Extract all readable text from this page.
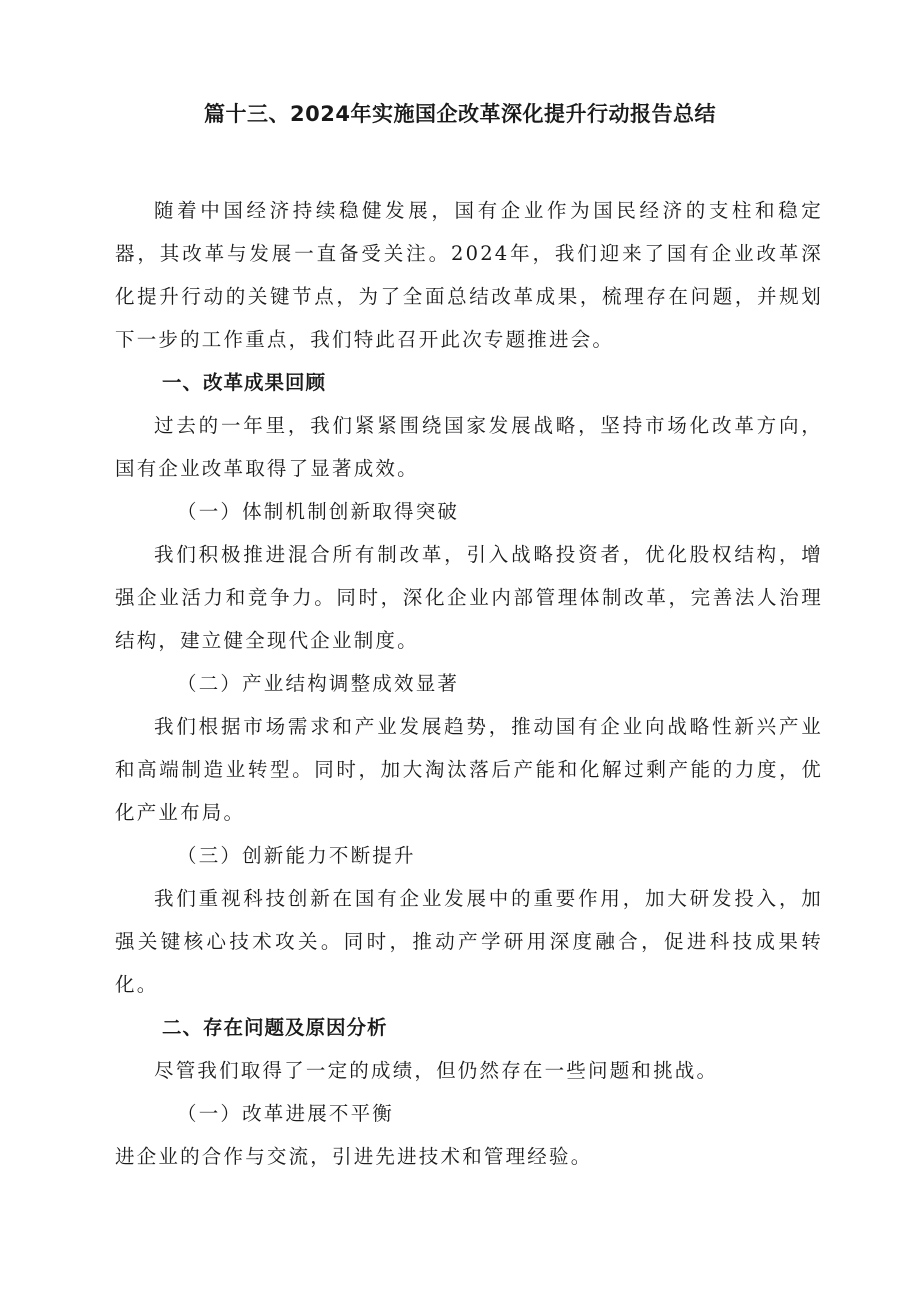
篇十三、2024年实施国企改革深化提升行动报告总结

随着中国经济持续稳健发展，国有企业作为国民经济的支柱和稳定器，其改革与发展一直备受关注。2024年，我们迎来了国有企业改革深化提升行动的关键节点，为了全面总结改革成果，梳理存在问题，并规划下一步的工作重点，我们特此召开此次专题推进会。

一、改革成果回顾

过去的一年里，我们紧紧围绕国家发展战略，坚持市场化改革方向，国有企业改革取得了显著成效。

（一）体制机制创新取得突破

我们积极推进混合所有制改革，引入战略投资者，优化股权结构，增强企业活力和竞争力。同时，深化企业内部管理体制改革，完善法人治理结构，建立健全现代企业制度。

（二）产业结构调整成效显著

我们根据市场需求和产业发展趋势，推动国有企业向战略性新兴产业和高端制造业转型。同时，加大淘汰落后产能和化解过剩产能的力度，优化产业布局。

（三）创新能力不断提升

我们重视科技创新在国有企业发展中的重要作用，加大研发投入，加强关键核心技术攻关。同时，推动产学研用深度融合，促进科技成果转化。

二、存在问题及原因分析

尽管我们取得了一定的成绩，但仍然存在一些问题和挑战。

（一）改革进展不平衡

进企业的合作与交流，引进先进技术和管理经验。
